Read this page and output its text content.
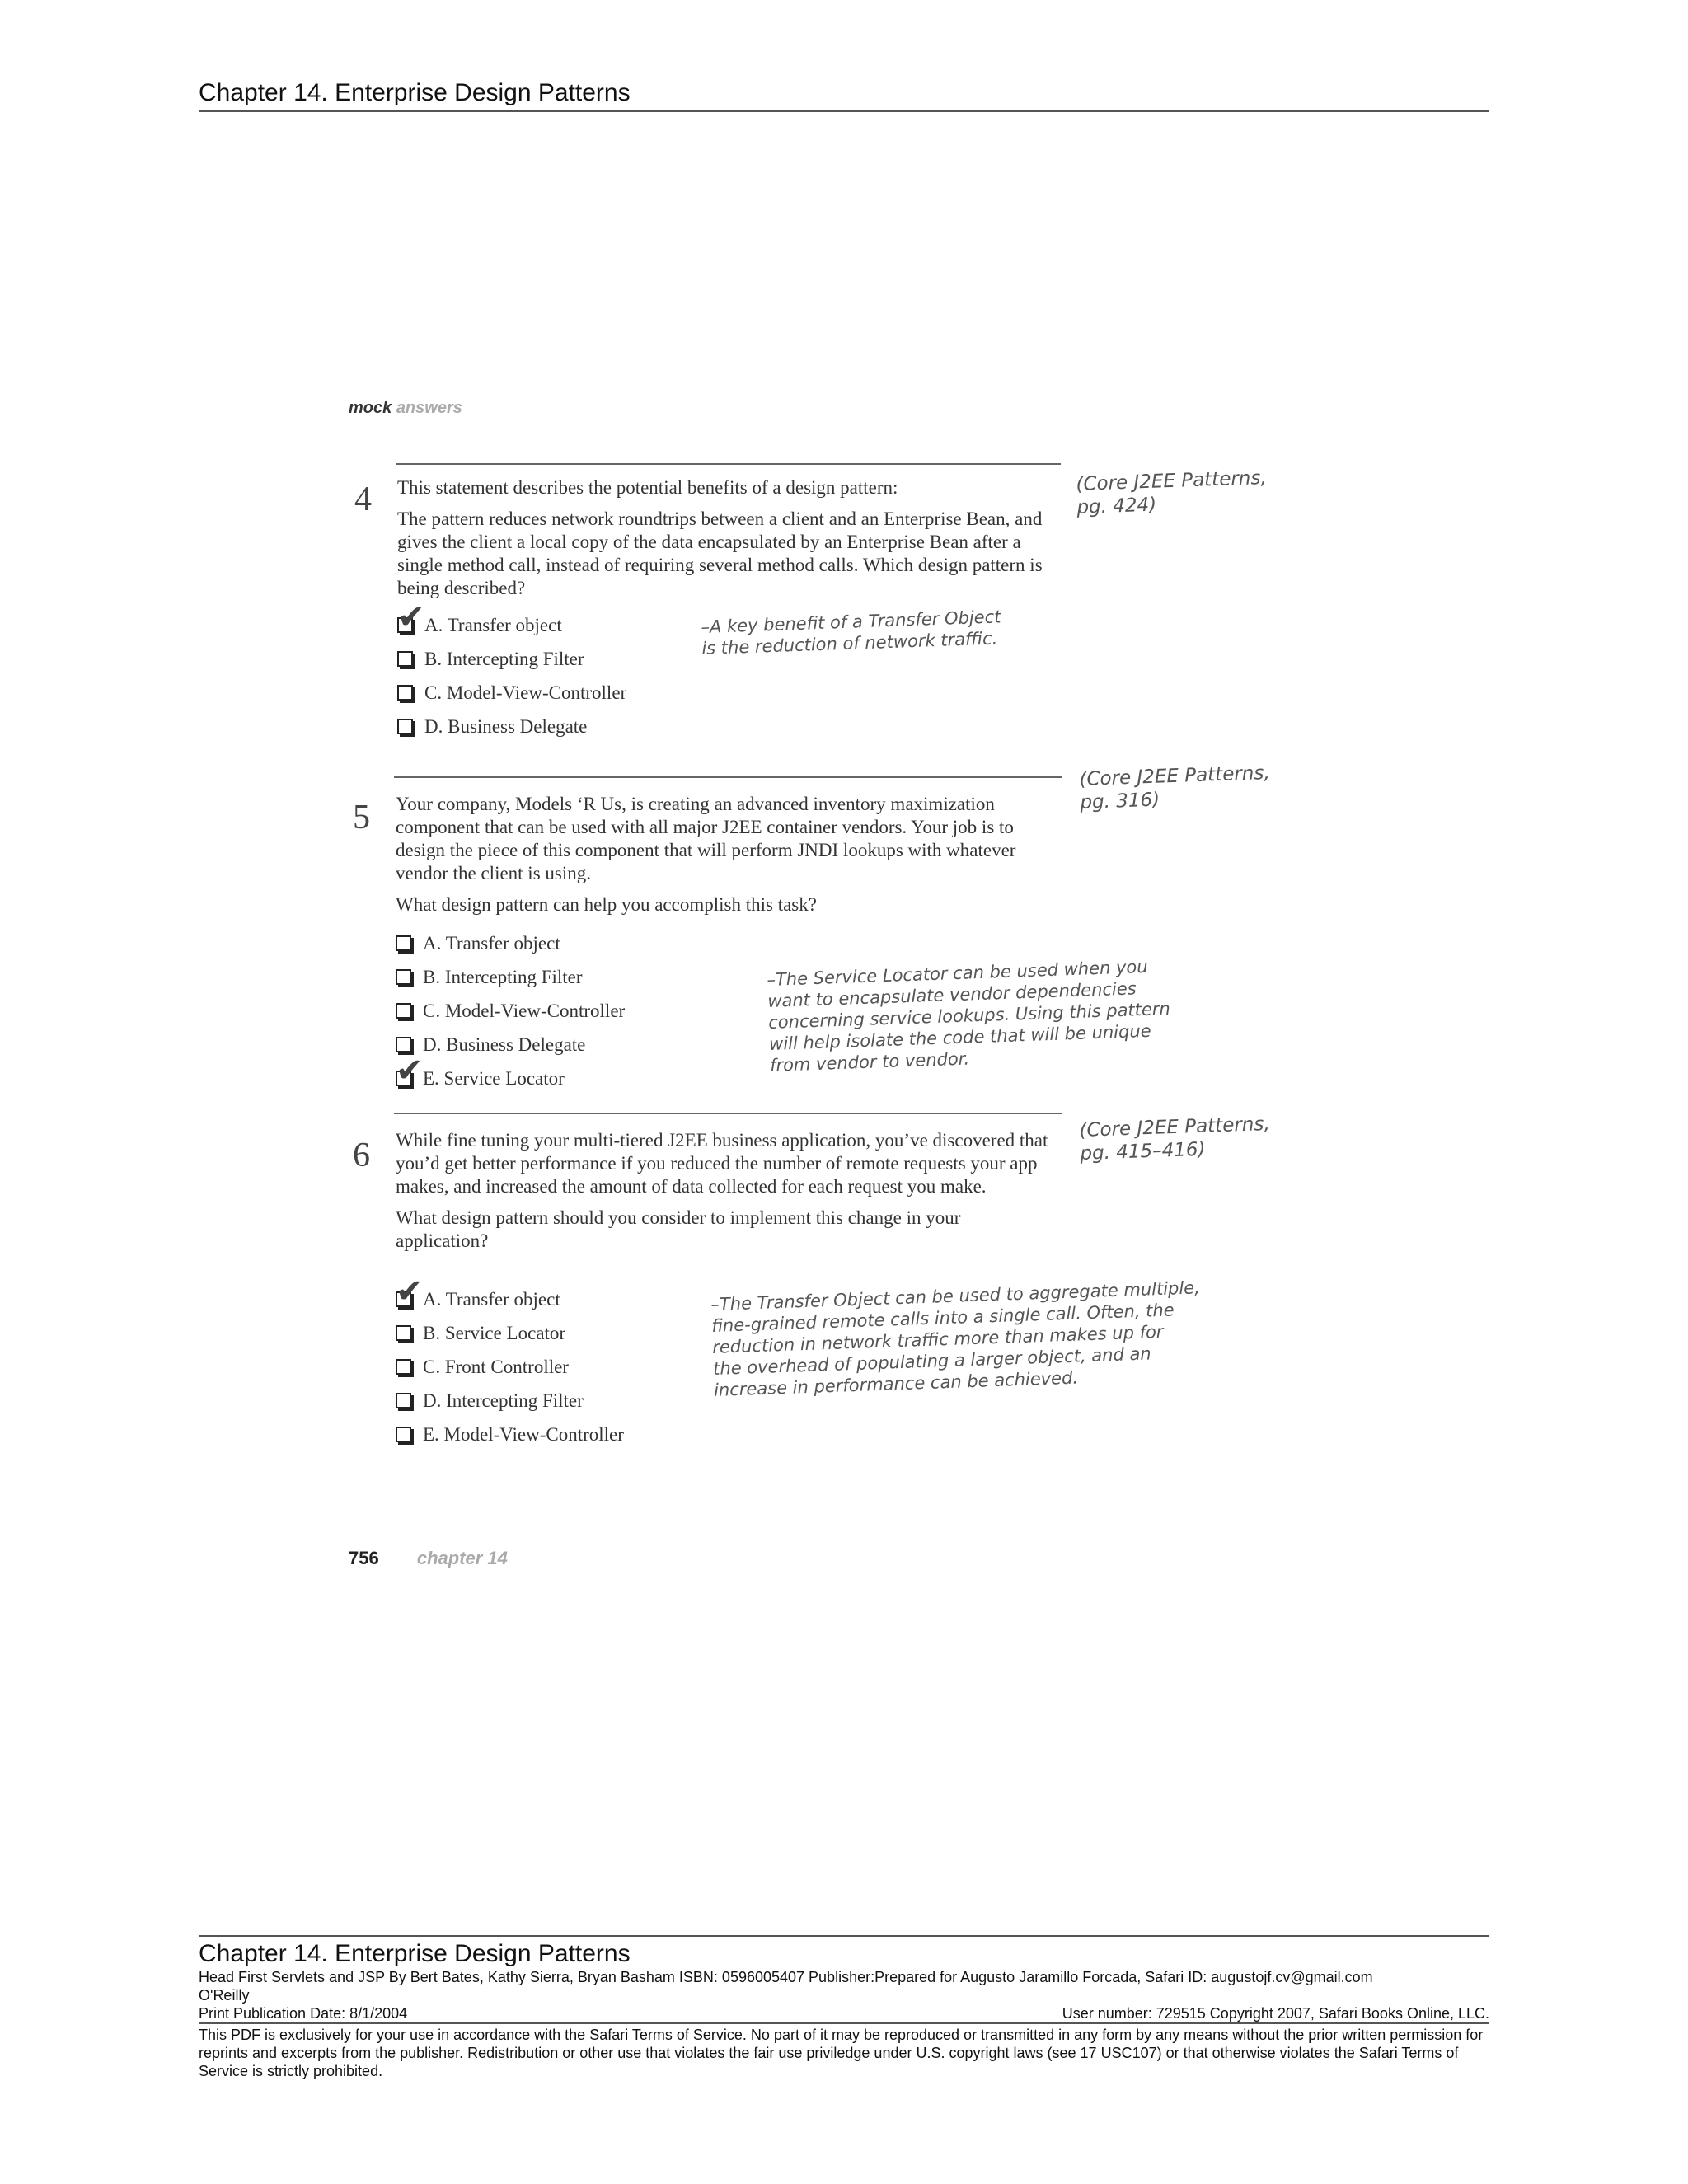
Chapter 14. Enterprise Design Patterns
mock answers
4 This statement describes the potential benefits of a design pattern:

The pattern reduces network roundtrips between a client and an Enterprise Bean, and gives the client a local copy of the data encapsulated by an Enterprise Bean after a single method call, instead of requiring several method calls. Which design pattern is being described?

✔ A. Transfer object
B. Intercepting Filter
C. Model-View-Controller
D. Business Delegate
(Core J2EE Patterns,
pg. 424)
–A key benefit of a Transfer Object
is the reduction of network traffic.
5 Your company, Models ‘R Us, is creating an advanced inventory maximization component that can be used with all major J2EE container vendors. Your job is to design the piece of this component that will perform JNDI lookups with whatever vendor the client is using.

What design pattern can help you accomplish this task?

A. Transfer object
B. Intercepting Filter
C. Model-View-Controller
D. Business Delegate
✔ E. Service Locator
(Core J2EE Patterns,
pg. 316)
–The Service Locator can be used when you
want to encapsulate vendor dependencies
concerning service lookups. Using this pattern
will help isolate the code that will be unique
from vendor to vendor.
6 While fine tuning your multi-tiered J2EE business application, you’ve discovered that you’d get better performance if you reduced the number of remote requests your app makes, and increased the amount of data collected for each request you make.

What design pattern should you consider to implement this change in your application?

✔ A. Transfer object
B. Service Locator
C. Front Controller
D. Intercepting Filter
E. Model-View-Controller
(Core J2EE Patterns,
pg. 415–416)
–The Transfer Object can be used to aggregate multiple,
fine-grained remote calls into a single call. Often, the
reduction in network traffic more than makes up for
the overhead of populating a larger object, and an
increase in performance can be achieved.
756 chapter 14
Chapter 14. Enterprise Design Patterns
Head First Servlets and JSP By Bert Bates, Kathy Sierra, Bryan Basham ISBN: 0596005407 Publisher:Prepared for Augusto Jaramillo Forcada, Safari ID: augustojf.cv@gmail.com
O'Reilly
Print Publication Date: 8/1/2004	User number: 729515 Copyright 2007, Safari Books Online, LLC.
This PDF is exclusively for your use in accordance with the Safari Terms of Service. No part of it may be reproduced or transmitted in any form by any means without the prior written permission for reprints and excerpts from the publisher. Redistribution or other use that violates the fair use priviledge under U.S. copyright laws (see 17 USC107) or that otherwise violates the Safari Terms of Service is strictly prohibited.
